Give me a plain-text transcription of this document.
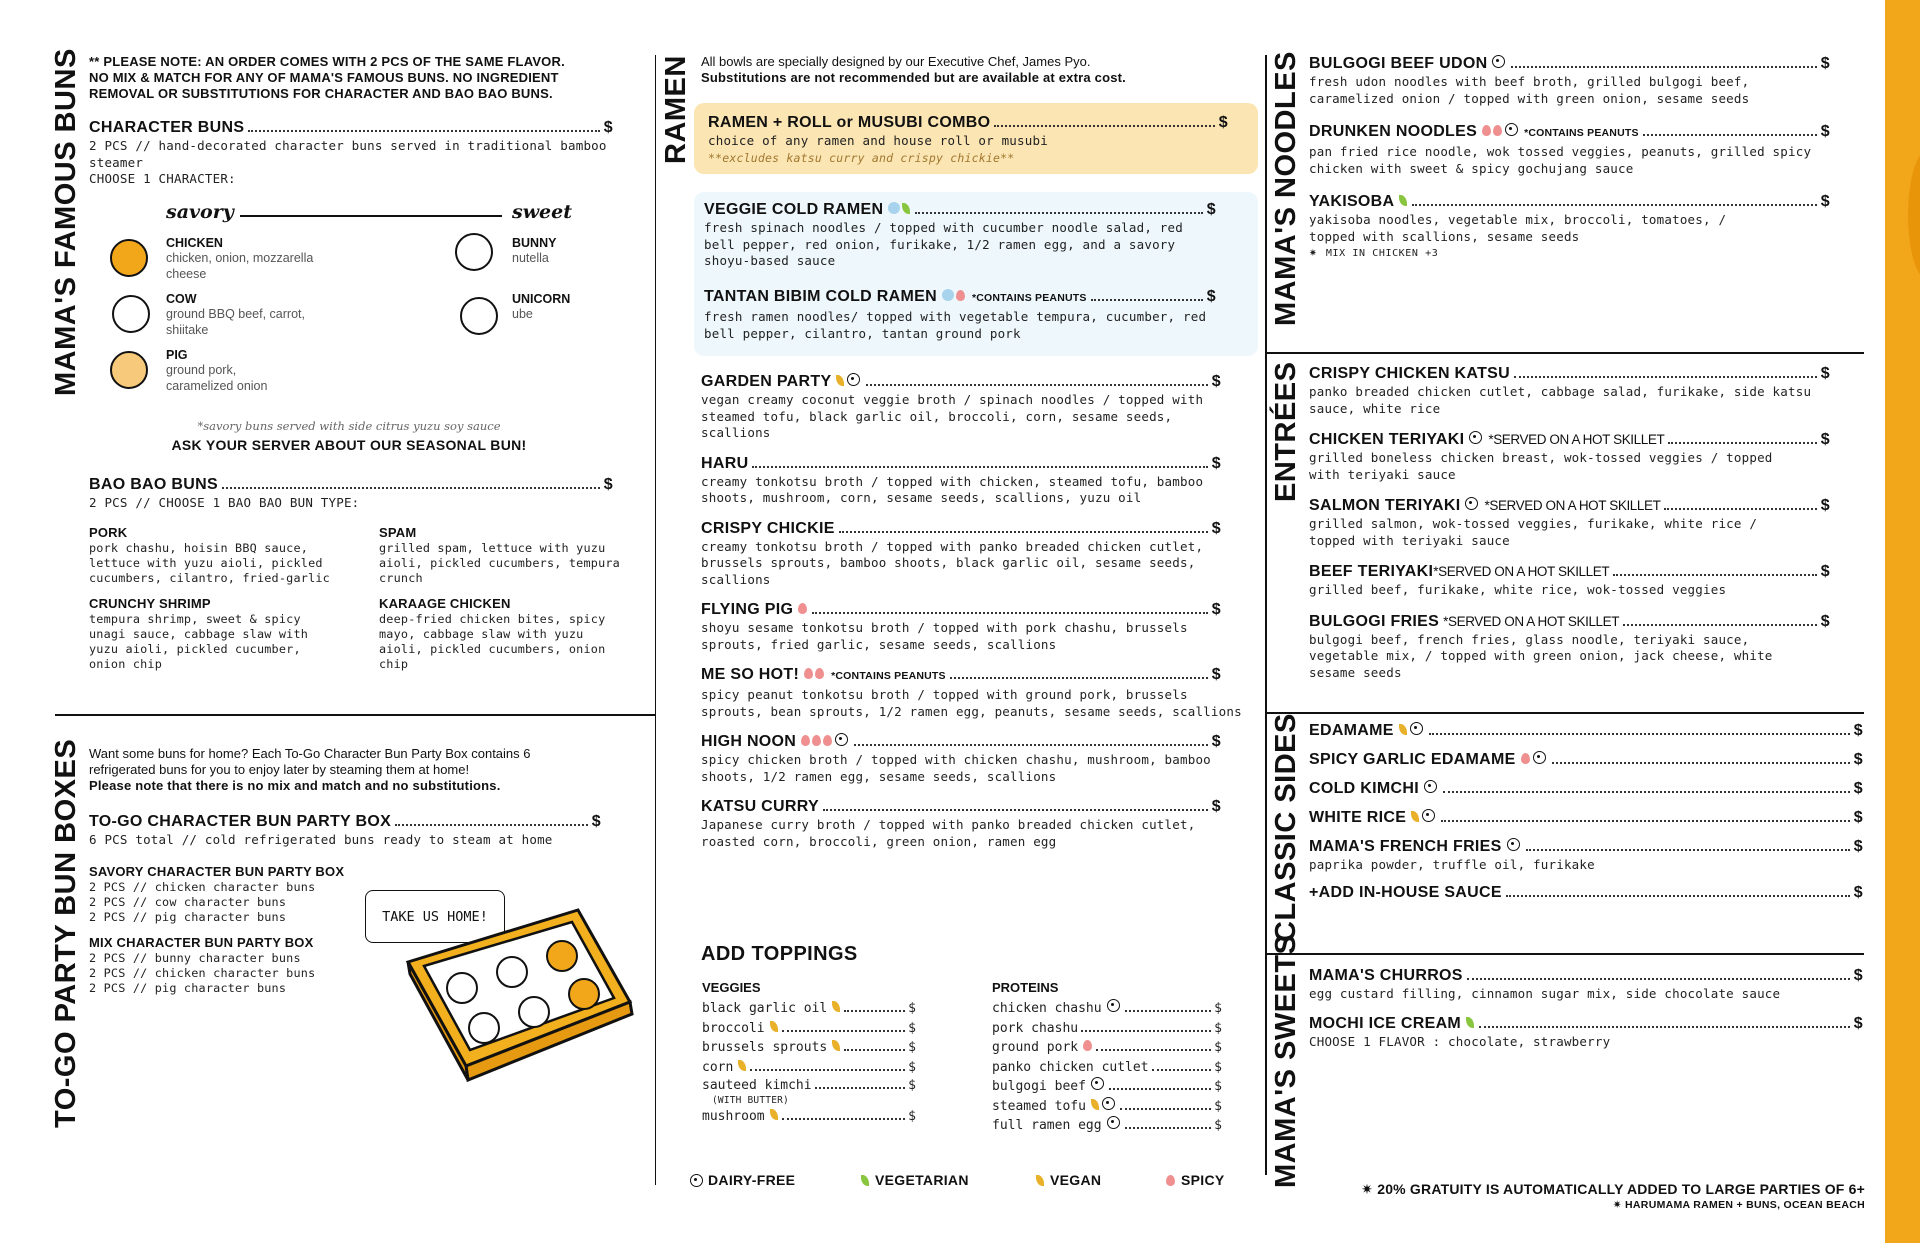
MAMA'S FAMOUS BUNS
TO-GO PARTY BUN BOXES
RAMEN	MAMA'S NOODLES
ENTRÉES
CLASSIC SIDES
MAMA'S SWEETS
** PLEASE NOTE: AN ORDER COMES WITH 2 PCS OF THE SAME FLAVOR.
NO MIX & MATCH FOR ANY OF MAMA'S FAMOUS BUNS. NO INGREDIENT
REMOVAL OR SUBSTITUTIONS FOR CHARACTER AND BAO BAO BUNS.
CHARACTER BUNS	$
2 PCS // hand-decorated character buns served in traditional bamboo steamer
CHOOSE 1 CHARACTER:
savory	sweet
CHICKEN
chicken, onion, mozzarella cheese
COW
ground BBQ beef, carrot, shiitake
PIG
ground pork, caramelized onion
BUNNY
nutella
UNICORN
ube
*savory buns served with side citrus yuzu soy sauce
ASK YOUR SERVER ABOUT OUR SEASONAL BUN!
BAO BAO BUNS	$
2 PCS // CHOOSE 1 BAO BAO BUN TYPE:
PORK
pork chashu, hoisin BBQ sauce, lettuce with yuzu aioli, pickled cucumbers, cilantro, fried-garlic
SPAM
grilled spam, lettuce with yuzu aioli, pickled cucumbers, tempura crunch
CRUNCHY SHRIMP
tempura shrimp, sweet & spicy unagi sauce, cabbage slaw with yuzu aioli, pickled cucumber, onion chip
KARAAGE CHICKEN
deep-fried chicken bites, spicy mayo, cabbage slaw with yuzu aioli, pickled cucumbers, onion chip
Want some buns for home? Each To-Go Character Bun Party Box contains 6
refrigerated buns for you to enjoy later by steaming them at home!
Please note that there is no mix and match and no substitutions.
TO-GO CHARACTER BUN PARTY BOX	$
6 PCS total // cold refrigerated buns ready to steam at home
SAVORY CHARACTER BUN PARTY BOX
2 PCS // chicken character buns
2 PCS // cow character buns
2 PCS // pig character buns
MIX CHARACTER BUN PARTY BOX
2 PCS // bunny character buns
2 PCS // chicken character buns
2 PCS // pig character buns
TAKE US HOME!
All bowls are specially designed by our Executive Chef, James Pyo.
Substitutions are not recommended but are available at extra cost.
RAMEN + ROLL or MUSUBI COMBO	$
choice of any ramen and house roll or musubi
**excludes katsu curry and crispy chickie**
VEGGIE COLD RAMEN	$
fresh spinach noodles / topped with cucumber noodle salad, red bell pepper, red onion, furikake, 1/2 ramen egg, and a savory shoyu-based sauce
TANTAN BIBIM COLD RAMEN	*CONTAINS PEANUTS	$
fresh ramen noodles/ topped with vegetable tempura, cucumber, red bell pepper, cilantro, tantan ground pork
GARDEN PARTY	$
vegan creamy coconut veggie broth / spinach noodles / topped with steamed tofu, black garlic oil, broccoli, corn, sesame seeds, scallions
HARU	$
creamy tonkotsu broth / topped with chicken, steamed tofu, bamboo shoots, mushroom, corn, sesame seeds, scallions, yuzu oil
CRISPY CHICKIE	$
creamy tonkotsu broth / topped with panko breaded chicken cutlet, brussels sprouts, bamboo shoots, black garlic oil, sesame seeds, scallions
FLYING PIG	$
shoyu sesame tonkotsu broth / topped with pork chashu, brussels sprouts, fried garlic, sesame seeds, scallions
ME SO HOT!	*CONTAINS PEANUTS	$
spicy peanut tonkotsu broth / topped with ground pork, brussels sprouts, bean sprouts, 1/2 ramen egg, peanuts, sesame seeds, scallions
HIGH NOON	$
spicy chicken broth / topped with chicken chashu, mushroom, bamboo shoots, 1/2 ramen egg, sesame seeds, scallions
KATSU CURRY	$
Japanese curry broth / topped with panko breaded chicken cutlet, roasted corn, broccoli, green onion, ramen egg
ADD TOPPINGS
VEGGIES	PROTEINS
black garlic oil	$
broccoli	$
brussels sprouts	$
corn	$
sauteed kimchi	$
(WITH BUTTER)
mushroom	$
chicken chashu	$
pork chashu	$
ground pork	$
panko chicken cutlet	$
bulgogi beef	$
steamed tofu	$
full ramen egg	$
DAIRY-FREE	VEGETARIAN	VEGAN	SPICY
BULGOGI BEEF UDON	$
fresh udon noodles with beef broth, grilled bulgogi beef, caramelized onion / topped with green onion, sesame seeds
DRUNKEN NOODLES	*CONTAINS PEANUTS	$
pan fried rice noodle, wok tossed veggies, peanuts, grilled spicy chicken with sweet & spicy gochujang sauce
YAKISOBA	$
yakisoba noodles, vegetable mix, broccoli, tomatoes, / topped with scallions, sesame seeds
✷ MIX IN CHICKEN +3
CRISPY CHICKEN KATSU	$
panko breaded chicken cutlet, cabbage salad, furikake, side katsu sauce, white rice
CHICKEN TERIYAKI *SERVED ON A HOT SKILLET	$
grilled boneless chicken breast, wok-tossed veggies / topped with teriyaki sauce
SALMON TERIYAKI *SERVED ON A HOT SKILLET	$
grilled salmon, wok-tossed veggies, furikake, white rice / topped with teriyaki sauce
BEEF TERIYAKI *SERVED ON A HOT SKILLET	$
grilled beef, furikake, white rice, wok-tossed veggies
BULGOGI FRIES *SERVED ON A HOT SKILLET	$
bulgogi beef, french fries, glass noodle, teriyaki sauce, vegetable mix, / topped with green onion, jack cheese, white sesame seeds
EDAMAME	$
SPICY GARLIC EDAMAME	$
COLD KIMCHI	$
WHITE RICE	$
MAMA'S FRENCH FRIES	$
paprika powder, truffle oil, furikake
+ADD IN-HOUSE SAUCE	$
MAMA'S CHURROS	$
egg custard filling, cinnamon sugar mix, side chocolate sauce
MOCHI ICE CREAM	$
CHOOSE 1 FLAVOR : chocolate, strawberry
✷ 20% GRATUITY IS AUTOMATICALLY ADDED TO LARGE PARTIES OF 6+
✷ HARUMAMA RAMEN + BUNS, OCEAN BEACH
